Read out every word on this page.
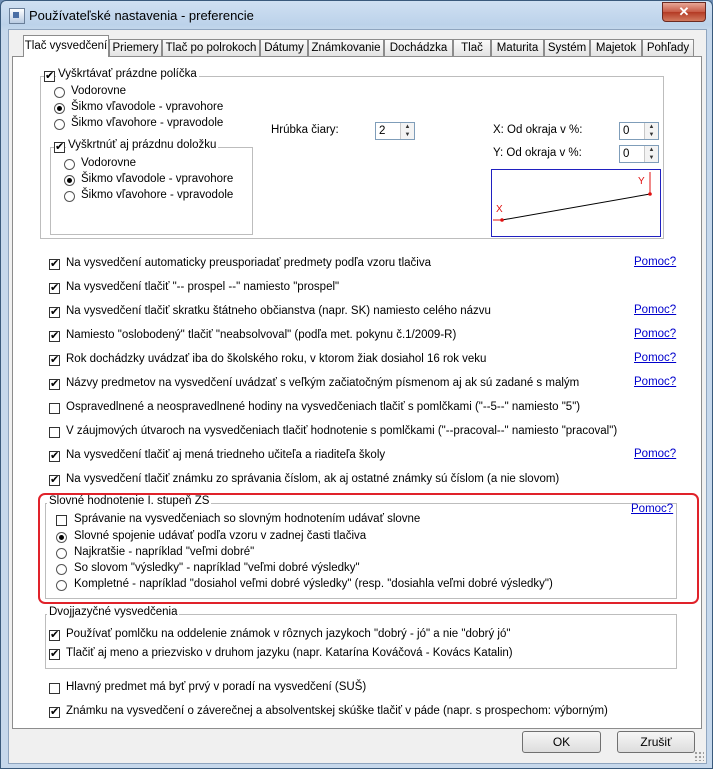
Používateľské nastavenia - preferencie	✕
Tlač vysvedčení Priemery Tlač po polrokoch Dátumy Známkovanie Dochádzka	Tlač	Maturita Systém Majetok Pohľady
✔
Vyškrtávať prázdne políčka
Vodorovne
Šikmo vľavodole - vpravohore
Šikmo vľavohore - vpravodole
✔
Vyškrtnúť aj prázdnu doložku
Vodorovne
Šikmo vľavodole - vpravohore
Šikmo vľavohore - vpravodole
Hrúbka čiary:	2	▲
▼	X: Od okraja v %:	0	▲
▼
Y: Od okraja v %:	0	▲
▼
X
Y
✔
Na vysvedčení automaticky preusporiadať predmety podľa vzoru tlačiva	Pomoc?
✔
Na vysvedčení tlačiť "-- prospel --" namiesto "prospel"
✔
Na vysvedčení tlačiť skratku štátneho občianstva (napr. SK) namiesto celého názvu	Pomoc?
✔
Namiesto "oslobodený" tlačiť "neabsolvoval" (podľa met. pokynu č.1/2009-R)	Pomoc?
✔
Rok dochádzky uvádzať iba do školského roku, v ktorom žiak dosiahol 16 rok veku	Pomoc?
✔
Názvy predmetov na vysvedčení uvádzať s veľkým začiatočným písmenom aj ak sú zadané s malým	Pomoc?
Ospravedlnené a neospravedlnené hodiny na vysvedčeniach tlačiť s pomlčkami ("--5--" namiesto "5")
V záujmových útvaroch na vysvedčeniach tlačiť hodnotenie s pomlčkami ("--pracoval--" namiesto "pracoval")
✔
Na vysvedčení tlačiť aj mená triedneho učiteľa a riaditeľa školy	Pomoc?
✔
Na vysvedčení tlačiť známku zo správania číslom, ak aj ostatné známky sú číslom (a nie slovom)
Slovné hodnotenie I. stupeň ZŠ
Pomoc?
Správanie na vysvedčeniach so slovným hodnotením udávať slovne
Slovné spojenie udávať podľa vzoru v zadnej časti tlačiva
Najkratšie - napríklad "veľmi dobré"
So slovom "výsledky" - napríklad "veľmi dobré výsledky"
Kompletné - napríklad "dosiahol veľmi dobré výsledky" (resp. "dosiahla veľmi dobré výsledky")
Dvojjazyčné vysvedčenia
✔
Používať pomlčku na oddelenie známok v rôznych jazykoch "dobrý - jó" a nie "dobrý jó"
✔
Tlačiť aj meno a priezvisko v druhom jazyku (napr. Katarína Kováčová - Kovács Katalin)
Hlavný predmet má byť prvý v poradí na vysvedčení (SUŠ)
✔
Známku na vysvedčení o záverečnej a absolventskej skúške tlačiť v páde (napr. s prospechom: výborným)
OK	Zrušiť
